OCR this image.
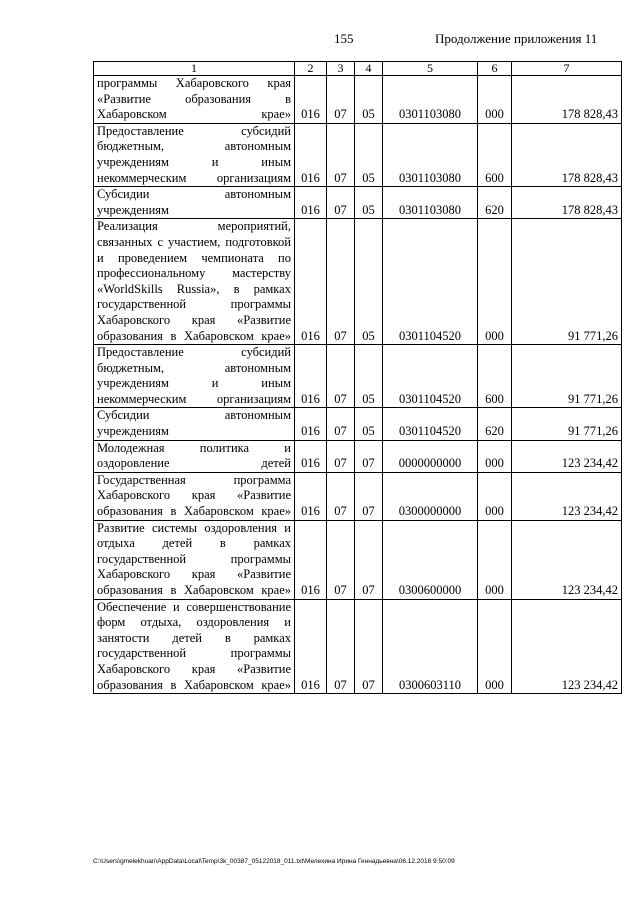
155	Продолжение приложения 11
1	2	3	4	5	6	7
программы Хабаровского края «Развитие образования в Хабаровском крае»	016	07	05	0301103080	000	178 828,43
Предоставление субсидий бюджетным, автономным учреждениям и иным некоммерческим организациям	016	07	05	0301103080	600	178 828,43
Субсидии автономным учреждениям	016	07	05	0301103080	620	178 828,43
Реализация мероприятий, связанных с участием, подготовкой и проведением чемпионата по профессиональному мастерству «WorldSkills Russia», в рамках государственной программы Хабаровского края «Развитие образования в Хабаровском крае»	016	07	05	0301104520	000	91 771,26
Предоставление субсидий бюджетным, автономным учреждениям и иным некоммерческим организациям	016	07	05	0301104520	600	91 771,26
Субсидии автономным учреждениям	016	07	05	0301104520	620	91 771,26
Молодежная политика и оздоровление детей	016	07	07	0000000000	000	123 234,42
Государственная программа Хабаровского края «Развитие образования в Хабаровском крае»	016	07	07	0300000000	000	123 234,42
Развитие системы оздоровления и отдыха детей в рамках государственной программы Хабаровского края «Развитие образования в Хабаровском крае»	016	07	07	0300600000	000	123 234,42
Обеспечение и совершенствование форм отдыха, оздоровления и занятости детей в рамках государственной программы Хабаровского края «Развитие образования в Хабаровском крае»	016	07	07	0300603110	000	123 234,42
C:\Users\gmelekhuan\AppData\Local\Temp\3k_00387_05122018_011.txt\Мелехина Ирина Геннадьевна\06.12.2018 9:50:09
